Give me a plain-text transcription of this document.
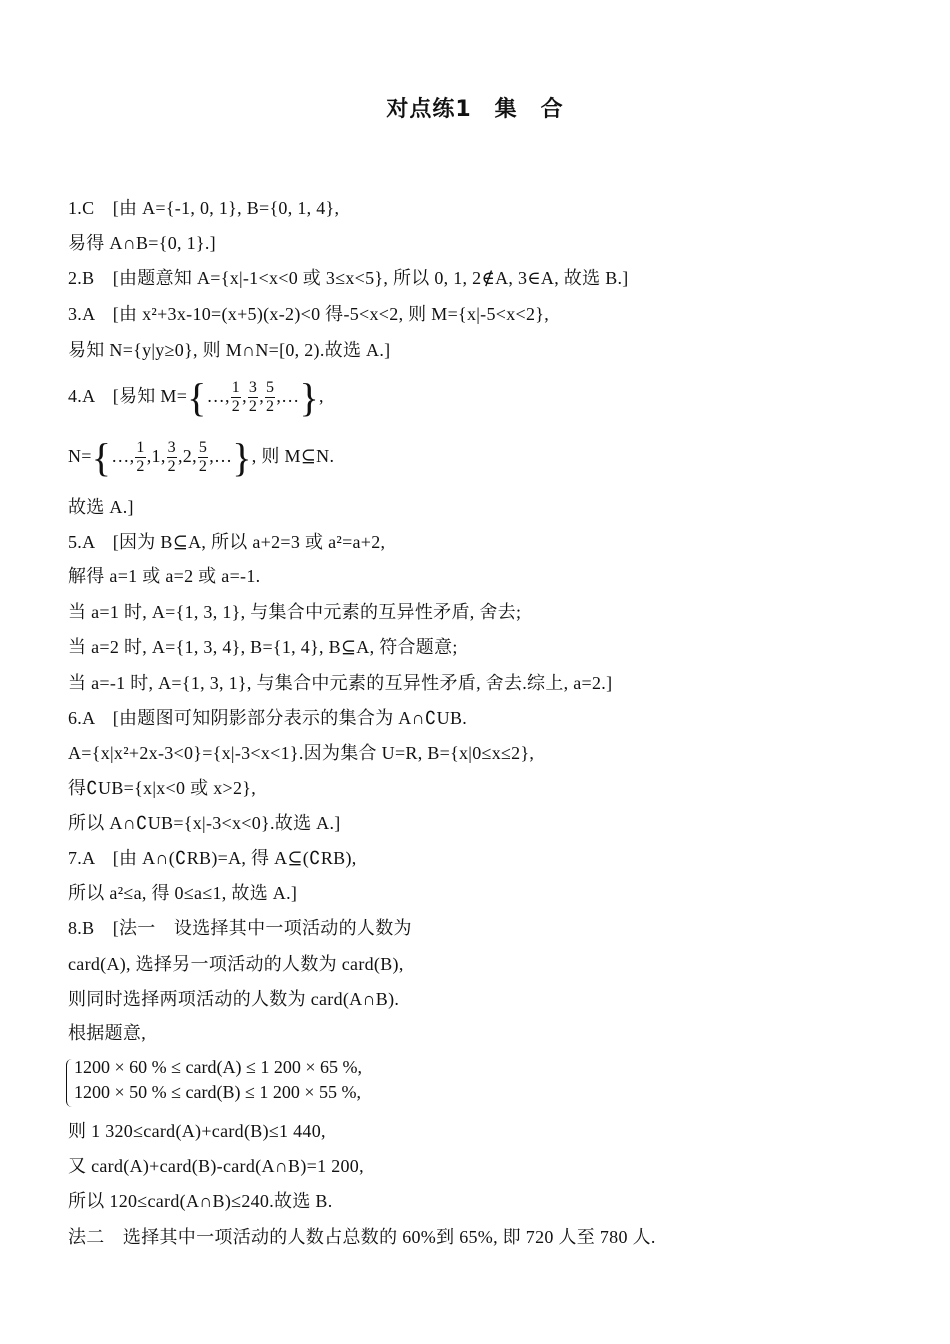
对点练1　集　合
1.C　[由 A={-1, 0, 1}, B={0, 1, 4},
易得 A∩B={0, 1}.]
2.B　[由题意知 A={x|-1<x<0 或 3≤x<5}, 所以 0, 1, 2∉A, 3∈A, 故选 B.]
3.A　[由 x²+3x-10=(x+5)(x-2)<0 得-5<x<2, 则 M={x|-5<x<2},
易知 N={y|y≥0}, 则 M∩N=[0, 2).故选 A.]
4.A　[易知 M={…, $\frac{1}{2}$ , $\frac{3}{2}$ , $\frac{5}{2}$ ,…},
N={…, $\frac{1}{2} ,1$, $\frac{3}{2} ,2$, $\frac{5}{2}$ ,…}, 则 M⊆N.
故选 A.]
5.A　[因为 B⊆A, 所以 a+2=3 或 a²=a+2,
解得 a=1 或 a=2 或 a=-1.
当 a=1 时, A={1, 3, 1}, 与集合中元素的互异性矛盾, 舍去;
当 a=2 时, A={1, 3, 4}, B={1, 4}, B⊆A, 符合题意;
当 a=-1 时, A={1, 3, 1}, 与集合中元素的互异性矛盾, 舍去.综上, a=2.]
6.A　[由题图可知阴影部分表示的集合为 A∩∁UB.
A={x|x²+2x-3<0}={x|-3<x<1}.因为集合 U=R, B={x|0≤x≤2},
得∁UB={x|x<0 或 x>2},
所以 A∩∁UB={x|-3<x<0}.故选 A.]
7.A　[由 A∩(∁RB)=A, 得 A⊆(∁RB),
所以 a²≤a, 得 0≤a≤1, 故选 A.]
8.B　[法一　设选择其中一项活动的人数为
card(A), 选择另一项活动的人数为 card(B),
则同时选择两项活动的人数为 card(A∩B).
根据题意,
1200 × 60 % ≤ card(A) ≤ 1 200 × 65 %,
1200 × 50 % ≤ card(B) ≤ 1 200 × 55 %,
则 1 320≤card(A)+card(B)≤1 440,
又 card(A)+card(B)-card(A∩B)=1 200,
所以 120≤card(A∩B)≤240.故选 B.
法二　选择其中一项活动的人数占总数的 60%到 65%, 即 720 人至 780 人.
